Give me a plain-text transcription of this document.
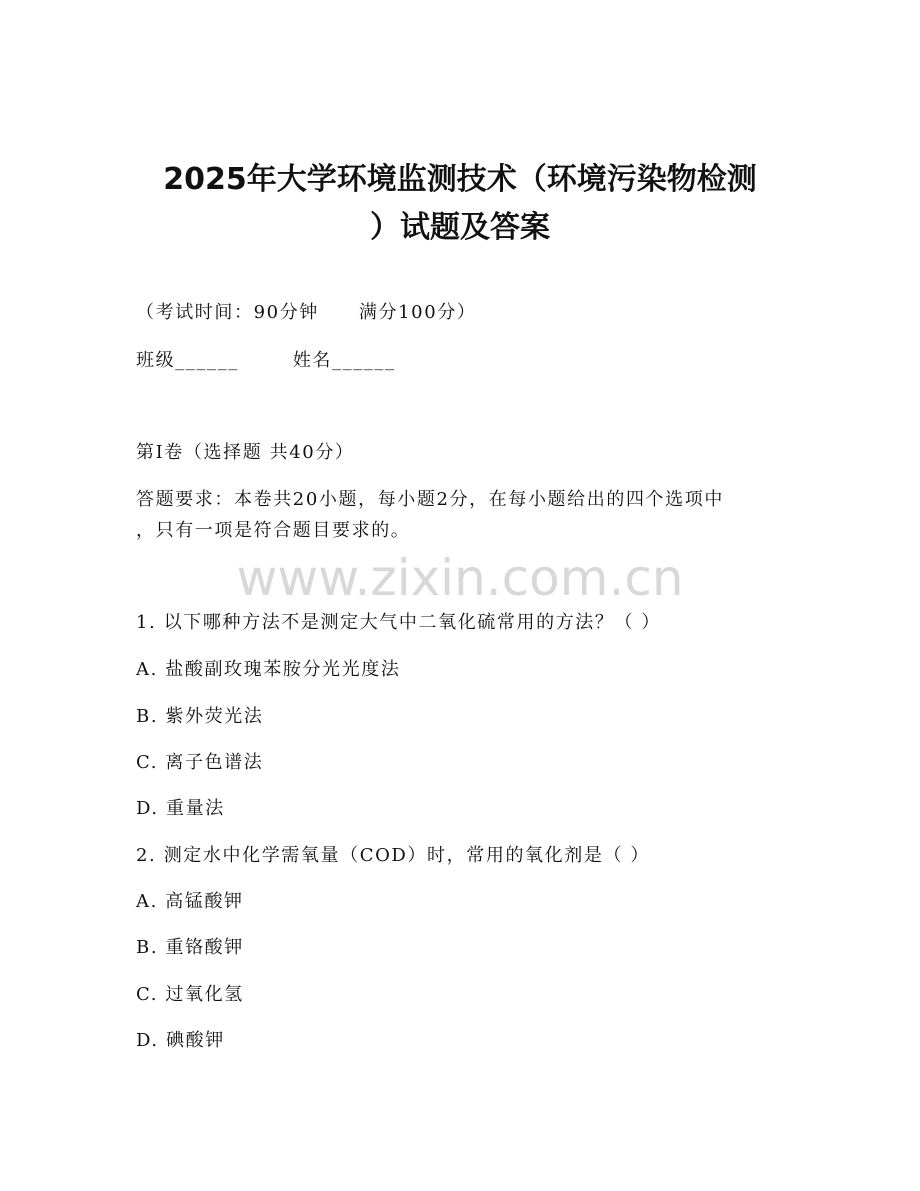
2025年大学环境监测技术（环境污染物检测
）试题及答案
（考试时间：90分钟 满分100分）
班级______	姓名______
第Ⅰ卷（选择题 共40分）
答题要求：本卷共20小题，每小题2分，在每小题给出的四个选项中
，只有一项是符合题目要求的。
www.zixin.com.cn
1. 以下哪种方法不是测定大气中二氧化硫常用的方法？（ ）
A. 盐酸副玫瑰苯胺分光光度法
B. 紫外荧光法
C. 离子色谱法
D. 重量法
2. 测定水中化学需氧量（COD）时，常用的氧化剂是（ ）
A. 高锰酸钾
B. 重铬酸钾
C. 过氧化氢
D. 碘酸钾
